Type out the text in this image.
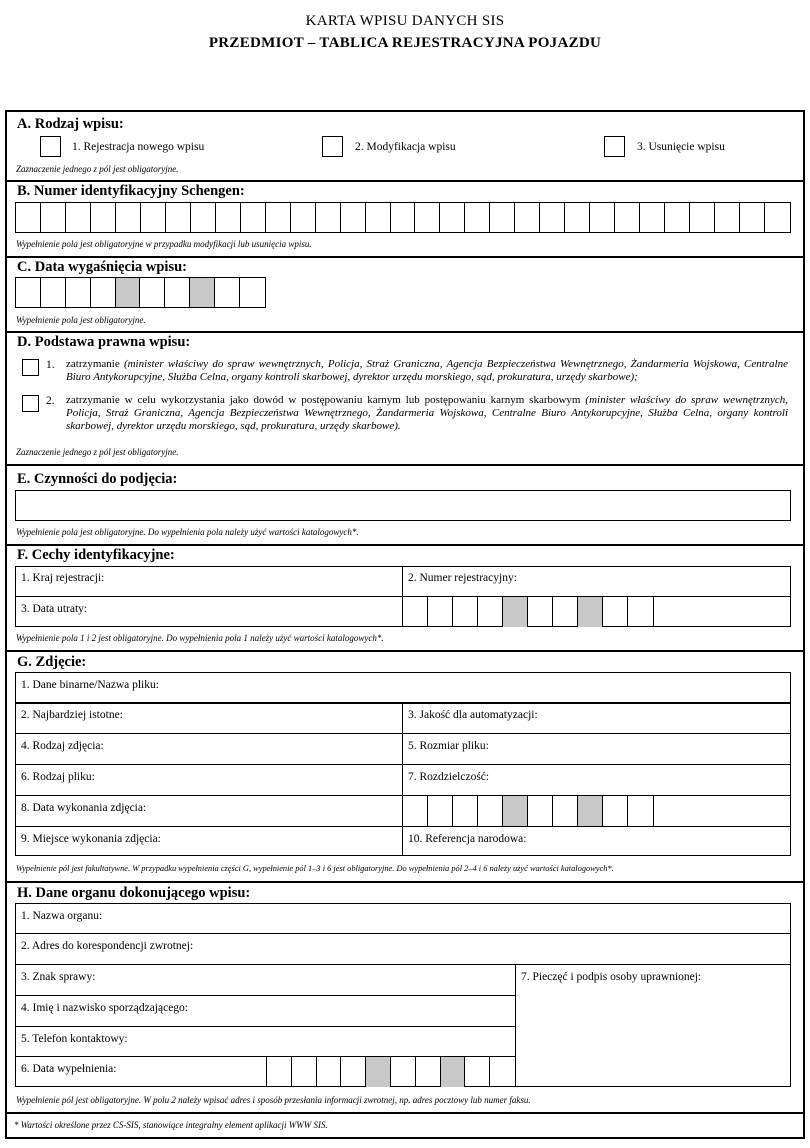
KARTA WPISU DANYCH SIS
PRZEDMIOT – TABLICA REJESTRACYJNA POJAZDU
A. Rodzaj wpisu:
1. Rejestracja nowego wpisu	2. Modyfikacja wpisu	3. Usunięcie wpisu
Zaznaczenie jednego z pól jest obligatoryjne.
B. Numer identyfikacyjny Schengen:
Wypełnienie pola jest obligatoryjne w przypadku modyfikacji lub usunięcia wpisu.
C. Data wygaśnięcia wpisu:
Wypełnienie pola jest obligatoryjne.
D. Podstawa prawna wpisu:
1. zatrzymanie (minister właściwy do spraw wewnętrznych, Policja, Straż Graniczna, Agencja Bezpieczeństwa Wewnętrznego, Żandarmeria Wojskowa, Centralne Biuro Antykorupcyjne, Służba Celna, organy kontroli skarbowej, dyrektor urzędu morskiego, sąd, prokuratura, urzędy skarbowe);
2. zatrzymanie w celu wykorzystania jako dowód w postępowaniu karnym lub postępowaniu karnym skarbowym (minister właściwy do spraw wewnętrznych, Policja, Straż Graniczna, Agencja Bezpieczeństwa Wewnętrznego, Żandarmeria Wojskowa, Centralne Biuro Antykorupcyjne, Służba Celna, organy kontroli skarbowej, dyrektor urzędu morskiego, sąd, prokuratura, urzędy skarbowe).
Zaznaczenie jednego z pól jest obligatoryjne.
E. Czynności do podjęcia:
Wypełnienie pola jest obligatoryjne. Do wypełnienia pola należy użyć wartości katalogowych*.
F. Cechy identyfikacyjne:
1. Kraj rejestracji:	2. Numer rejestracyjny:
3. Data utraty:
Wypełnienie pola 1 i 2 jest obligatoryjne. Do wypełnienia pola 1 należy użyć wartości katalogowych*.
G. Zdjęcie:
1. Dane binarne/Nazwa pliku:
2. Najbardziej istotne:	3. Jakość dla automatyzacji:
4. Rodzaj zdjęcia:	5. Rozmiar pliku:
6. Rodzaj pliku:	7. Rozdzielczość:
8. Data wykonania zdjęcia:
9. Miejsce wykonania zdjęcia:	10. Referencja narodowa:
Wypełnienie pól jest fakultatywne. W przypadku wypełnienia części G, wypełnienie pól 1–3 i 6 jest obligatoryjne. Do wypełnienia pól 2–4 i 6 należy użyć wartości katalogowych*.
H. Dane organu dokonującego wpisu:
1. Nazwa organu:
2. Adres do korespondencji zwrotnej:
3. Znak sprawy:
4. Imię i nazwisko sporządzającego:
5. Telefon kontaktowy:
6. Data wypełnienia:
7. Pieczęć i podpis osoby uprawnionej:
Wypełnienie pól jest obligatoryjne. W polu 2 należy wpisać adres i sposób przesłania informacji zwrotnej, np. adres pocztowy lub numer faksu.
* Wartości określone przez CS-SIS, stanowiące integralny element aplikacji WWW SIS.
